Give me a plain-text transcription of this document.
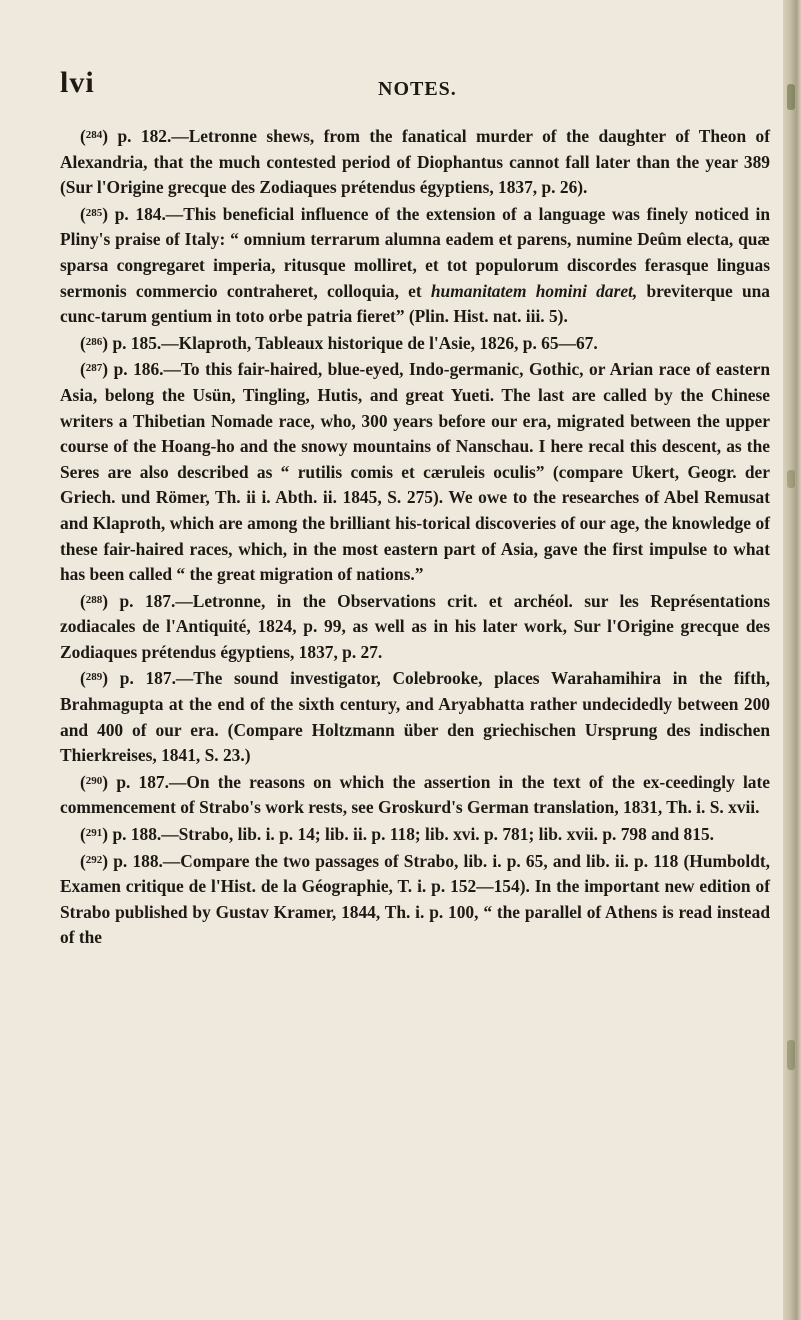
lvi	NOTES.

($^{284}$) p. 182.—Letronne shews, from the fanatical murder of the daughter of Theon of Alexandria, that the much contested period of Diophantus cannot fall later than the year 389 (Sur l'Origine grecque des Zodiaques prétendus égyptiens, 1837, p. 26).

($^{285}$) p. 184.—This beneficial influence of the extension of a language was finely noticed in Pliny's praise of Italy: “ omnium terrarum alumna eadem et parens, numine Deûm electa, quæ sparsa congregaret imperia, ritusque molliret, et tot populorum discordes ferasque linguas sermonis commercio contraheret, colloquia, et humanitatem homini daret, breviterque una cunc-tarum gentium in toto orbe patria fieret” (Plin. Hist. nat. iii. 5).

($^{286}$) p. 185.—Klaproth, Tableaux historique de l'Asie, 1826, p. 65—67.

($^{287}$) p. 186.—To this fair-haired, blue-eyed, Indo-germanic, Gothic, or Arian race of eastern Asia, belong the Usün, Tingling, Hutis, and great Yueti. The last are called by the Chinese writers a Thibetian Nomade race, who, 300 years before our era, migrated between the upper course of the Hoang-ho and the snowy mountains of Nanschau. I here recal this descent, as the Seres are also described as “ rutilis comis et cæruleis oculis” (compare Ukert, Geogr. der Griech. und Römer, Th. ii i. Abth. ii. 1845, S. 275). We owe to the researches of Abel Remusat and Klaproth, which are among the brilliant his-torical discoveries of our age, the knowledge of these fair-haired races, which, in the most eastern part of Asia, gave the first impulse to what has been called “ the great migration of nations.”

($^{288}$) p. 187.—Letronne, in the Observations crit. et archéol. sur les Représentations zodiacales de l'Antiquité, 1824, p. 99, as well as in his later work, Sur l'Origine grecque des Zodiaques prétendus égyptiens, 1837, p. 27.

($^{289}$) p. 187.—The sound investigator, Colebrooke, places Warahamihira in the fifth, Brahmagupta at the end of the sixth century, and Aryabhatta rather undecidedly between 200 and 400 of our era. (Compare Holtzmann über den griechischen Ursprung des indischen Thierkreises, 1841, S. 23.)

($^{290}$) p. 187.—On the reasons on which the assertion in the text of the ex-ceedingly late commencement of Strabo's work rests, see Groskurd's German translation, 1831, Th. i. S. xvii.

($^{291}$) p. 188.—Strabo, lib. i. p. 14; lib. ii. p. 118; lib. xvi. p. 781; lib. xvii. p. 798 and 815.

($^{292}$) p. 188.—Compare the two passages of Strabo, lib. i. p. 65, and lib. ii. p. 118 (Humboldt, Examen critique de l'Hist. de la Géographie, T. i. p. 152—154). In the important new edition of Strabo published by Gustav Kramer, 1844, Th. i. p. 100, “ the parallel of Athens is read instead of the
